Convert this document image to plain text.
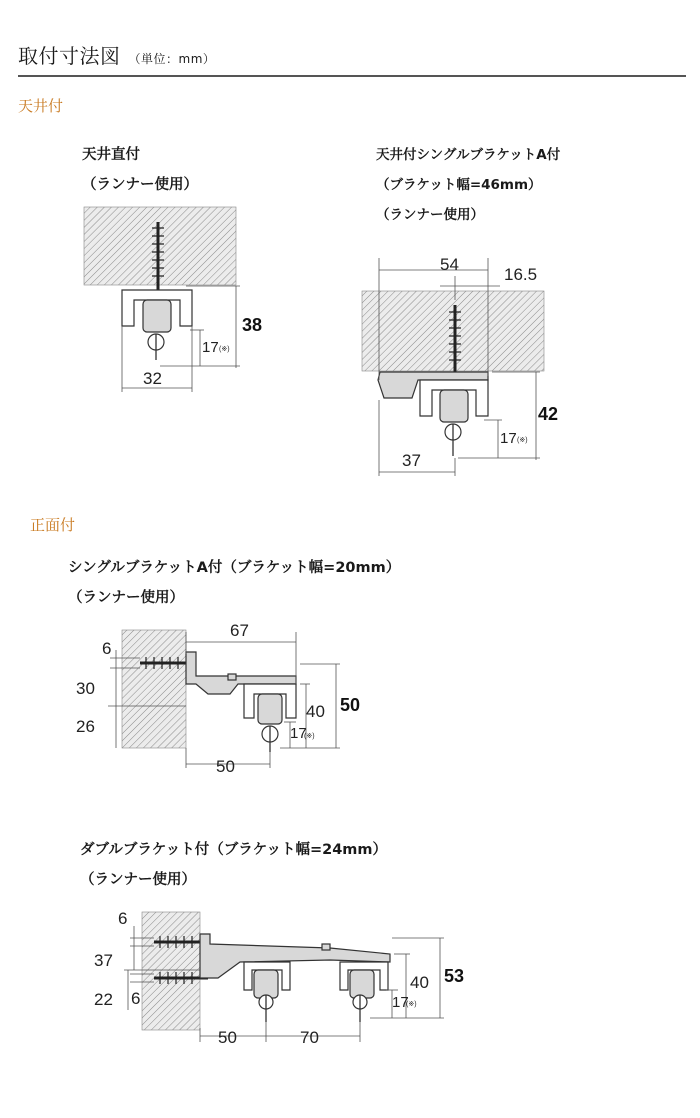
取付寸法図 （単位：mm）
天井付
正面付
天井直付
（ランナー使用）
天井付シングルブラケットA付
（ブラケット幅=46mm）
（ランナー使用）
シングルブラケットA付（ブラケット幅=20mm）
（ランナー使用）
ダブルブラケット付（ブラケット幅=24mm）
（ランナー使用）
38
17 (※)
32
54
16.5
42
17 (※)
37
67
6
30
26
50
40
17
(※)
50
6
37
22 6
53
40
17
(※)
50	70
